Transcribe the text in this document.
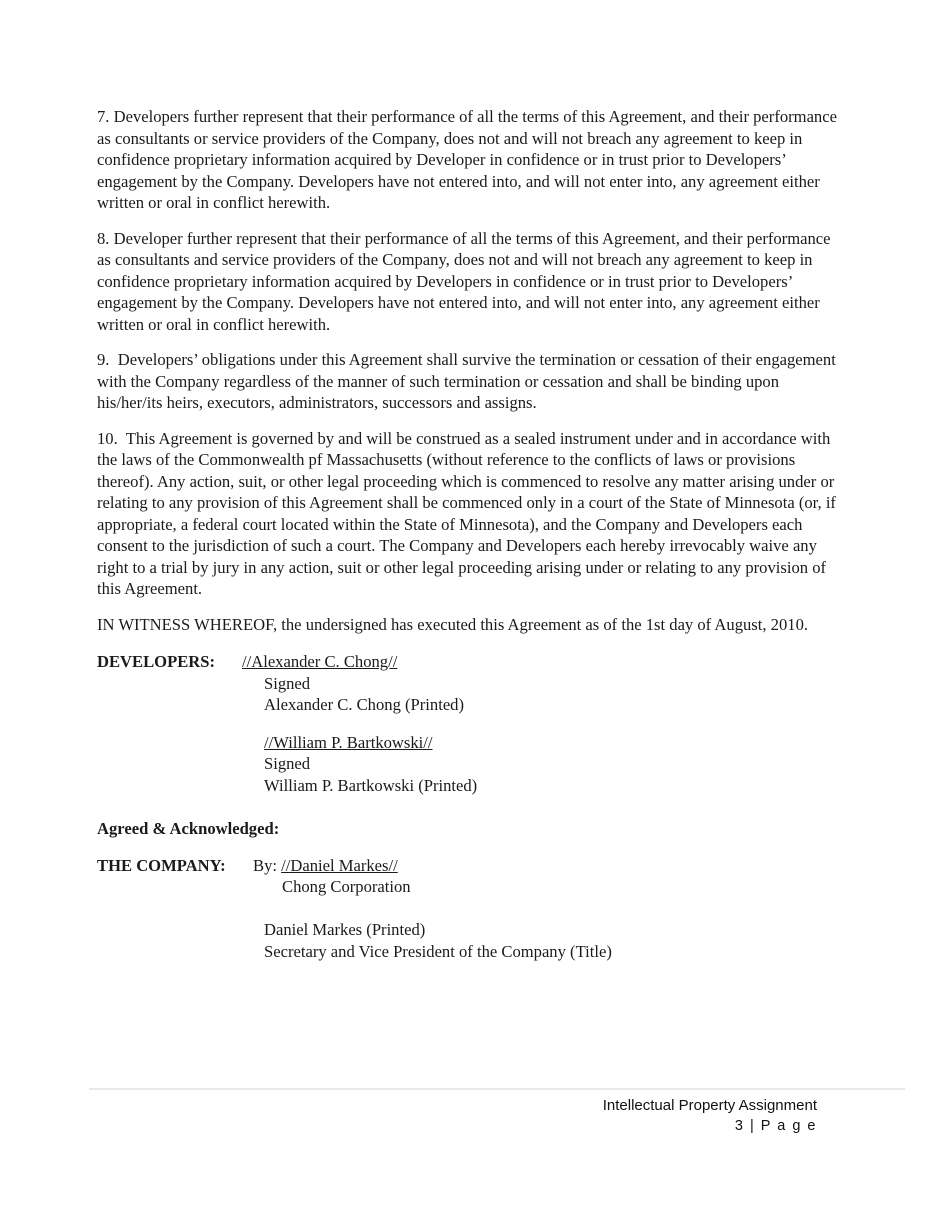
7. Developers further represent that their performance of all the terms of this Agreement, and their performance as consultants or service providers of the Company, does not and will not breach any agreement to keep in confidence proprietary information acquired by Developer in confidence or in trust prior to Developers’ engagement by the Company. Developers have not entered into, and will not enter into, any agreement either written or oral in conflict herewith.

8. Developer further represent that their performance of all the terms of this Agreement, and their performance as consultants and service providers of the Company, does not and will not breach any agreement to keep in confidence proprietary information acquired by Developers in confidence or in trust prior to Developers’ engagement by the Company. Developers have not entered into, and will not enter into, any agreement either written or oral in conflict herewith.

9.  Developers’ obligations under this Agreement shall survive the termination or cessation of their engagement with the Company regardless of the manner of such termination or cessation and shall be binding upon his/her/its heirs, executors, administrators, successors and assigns.

10.  This Agreement is governed by and will be construed as a sealed instrument under and in accordance with the laws of the Commonwealth pf Massachusetts (without reference to the conflicts of laws or provisions thereof). Any action, suit, or other legal proceeding which is commenced to resolve any matter arising under or relating to any provision of this Agreement shall be commenced only in a court of the State of Minnesota (or, if appropriate, a federal court located within the State of Minnesota), and the Company and Developers each consent to the jurisdiction of such a court. The Company and Developers each hereby irrevocably waive any right to a trial by jury in any action, suit or other legal proceeding arising under or relating to any provision of this Agreement.

IN WITNESS WHEREOF, the undersigned has executed this Agreement as of the 1st day of August, 2010.

DEVELOPERS:	//Alexander C. Chong//
Signed
Alexander C. Chong (Printed)
//William P. Bartkowski//
Signed
William P. Bartkowski (Printed)
Agreed & Acknowledged:
THE COMPANY:	By: //Daniel Markes//
Chong Corporation
Daniel Markes (Printed)
Secretary and Vice President of the Company (Title)
Intellectual Property Assignment
3 | P a g e
